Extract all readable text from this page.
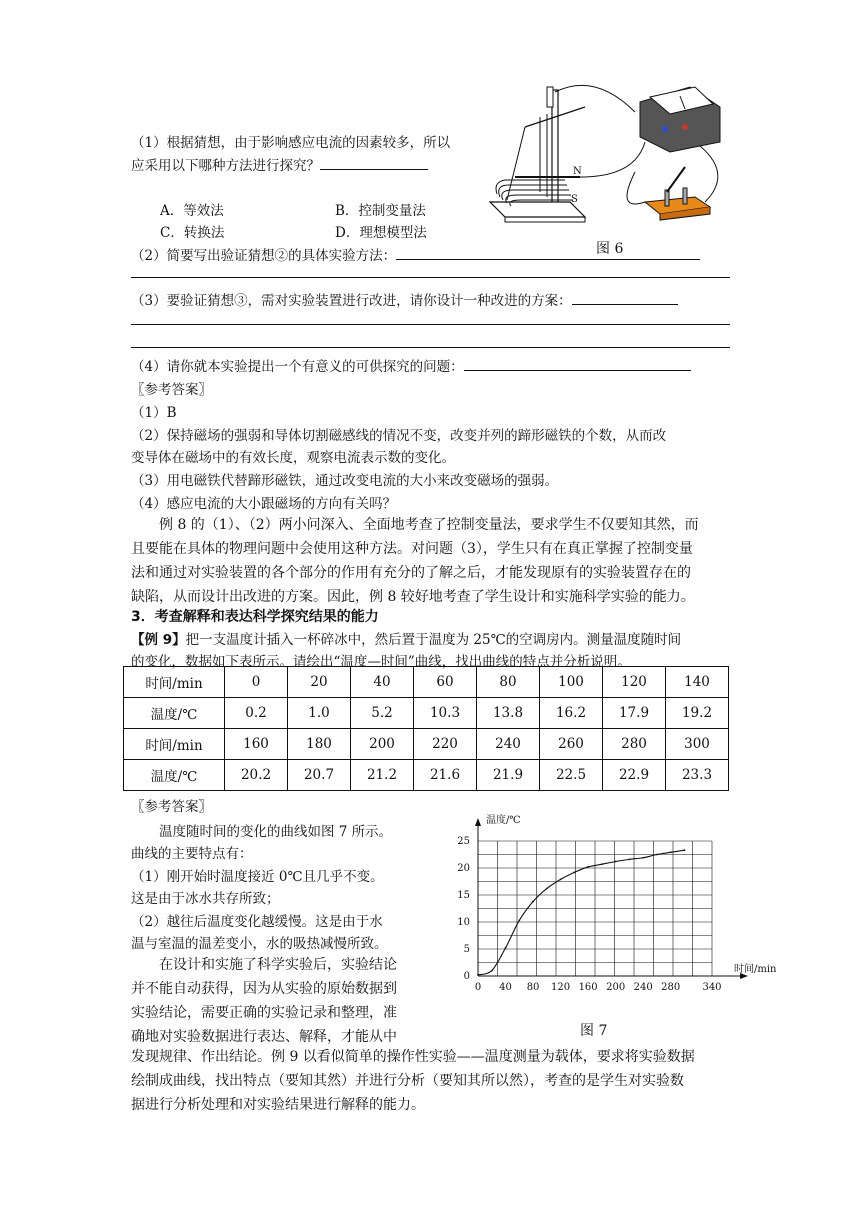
（1）根据猜想，由于影响感应电流的因素较多，所以
应采用以下哪种方法进行探究？
A．等效法	B．控制变量法
C．转换法	D．理想模型法
N
S
图 6
（2）简要写出验证猜想②的具体实验方法：
（3）要验证猜想③，需对实验装置进行改进，请你设计一种改进的方案：
（4）请你就本实验提出一个有意义的可供探究的问题：
〖参考答案〗
（1）B
（2）保持磁场的强弱和导体切割磁感线的情况不变，改变并列的蹄形磁铁的个数，从而改
变导体在磁场中的有效长度，观察电流表示数的变化。
（3）用电磁铁代替蹄形磁铁，通过改变电流的大小来改变磁场的强弱。
（4）感应电流的大小跟磁场的方向有关吗？
例 8 的（1）、（2）两小问深入、全面地考查了控制变量法，要求学生不仅要知其然，而
且要能在具体的物理问题中会使用这种方法。对问题（3），学生只有在真正掌握了控制变量
法和通过对实验装置的各个部分的作用有充分的了解之后，才能发现原有的实验装置存在的
缺陷，从而设计出改进的方案。因此，例 8 较好地考查了学生设计和实施科学实验的能力。
3．考查解释和表达科学探究结果的能力
【例 9】把一支温度计插入一杯碎冰中，然后置于温度为 25℃的空调房内。测量温度随时间
的变化，数据如下表所示。请绘出“温度—时间”曲线，找出曲线的特点并分析说明。
时间/min	0	20	40	60	80	100	120	140
温度/℃	0.2	1.0	5.2	10.3	13.8	16.2	17.9	19.2
时间/min	160	180	200	220	240	260	280	300
温度/℃	20.2	20.7	21.2	21.6	21.9	22.5	22.9	23.3
〖参考答案〗
温度随时间的变化的曲线如图 7 所示。
曲线的主要特点有：
（1）刚开始时温度接近 0℃且几乎不变。
这是由于冰水共存所致；
（2）越往后温度变化越缓慢。这是由于水
温与室温的温差变小，水的吸热减慢所致。
在设计和实施了科学实验后，实验结论
并不能自动获得，因为从实验的原始数据到
实验结论，需要正确的实验记录和整理，准
确地对实验数据进行表达、解释，才能从中
发现规律、作出结论。例 9 以看似简单的操作性实验——温度测量为载体，要求将实验数据
绘制成曲线，找出特点（要知其然）并进行分析（要知其所以然），考查的是学生对实验数
据进行分析处理和对实验结果进行解释的能力。
0
5
10
15
20
25
0 40 80 120 160 200 240 280 340
温度/℃
时间/min
图 7
